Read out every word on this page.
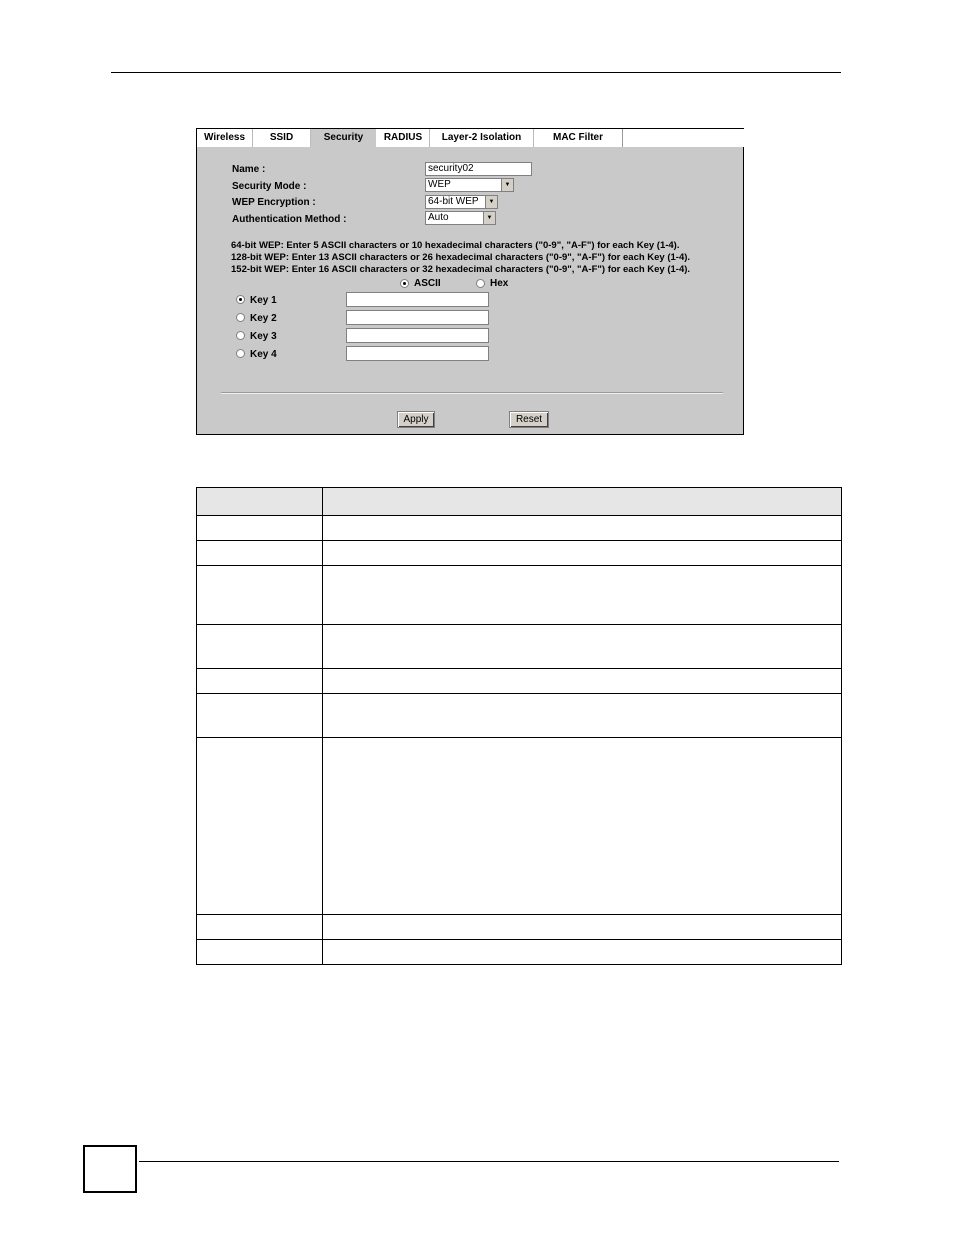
Wireless	SSID	Security	RADIUS	Layer-2 Isolation	MAC Filter
Name :	security02
Security Mode :	WEP	▼
WEP Encryption :	64-bit WEP	▼
Authentication Method :	Auto	▼
64-bit WEP: Enter 5 ASCII characters or 10 hexadecimal characters ("0-9", "A-F") for each Key (1-4).
128-bit WEP: Enter 13 ASCII characters or 26 hexadecimal characters ("0-9", "A-F") for each Key (1-4).
152-bit WEP: Enter 16 ASCII characters or 32 hexadecimal characters ("0-9", "A-F") for each Key (1-4).
ASCII	Hex
Key 1
Key 2
Key 3
Key 4
Apply	Reset
